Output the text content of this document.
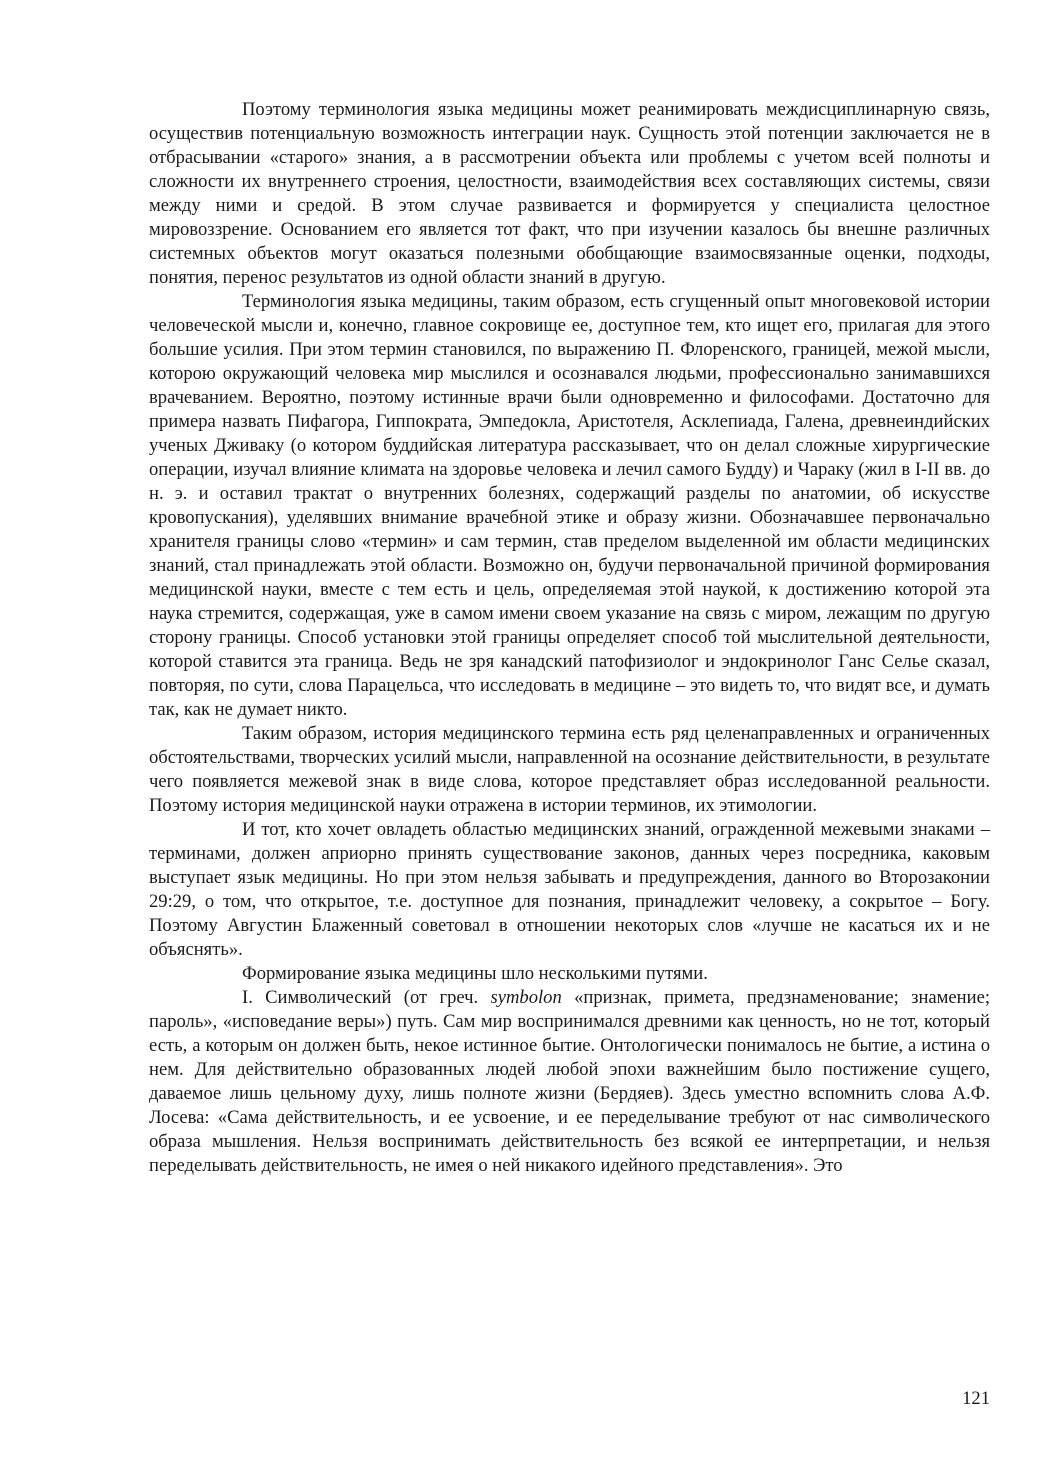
Поэтому терминология языка медицины может реанимировать междисциплинарную связь, осуществив потенциальную возможность интеграции наук. Сущность этой потенции заключается не в отбрасывании «старого» знания, а в рассмотрении объекта или проблемы с учетом всей полноты и сложности их внутреннего строения, целостности, взаимодействия всех составляющих системы, связи между ними и средой. В этом случае развивается и формируется у специалиста целостное мировоззрение. Основанием его является тот факт, что при изучении казалось бы внешне различных системных объектов могут оказаться полезными обобщающие взаимосвязанные оценки, подходы, понятия, перенос результатов из одной области знаний в другую.

Терминология языка медицины, таким образом, есть сгущенный опыт многовековой истории человеческой мысли и, конечно, главное сокровище ее, доступное тем, кто ищет его, прилагая для этого большие усилия. При этом термин становился, по выражению П. Флоренского, границей, межой мысли, которою окружающий человека мир мыслился и осознавался людьми, профессионально занимавшихся врачеванием. Вероятно, поэтому истинные врачи были одновременно и философами. Достаточно для примера назвать Пифагора, Гиппократа, Эмпедокла, Аристотеля, Асклепиада, Галена, древнеиндийских ученых Дживаку (о котором буддийская литература рассказывает, что он делал сложные хирургические операции, изучал влияние климата на здоровье человека и лечил самого Будду) и Чараку (жил в I-II вв. до н. э. и оставил трактат о внутренних болезнях, содержащий разделы по анатомии, об искусстве кровопускания), уделявших внимание врачебной этике и образу жизни. Обозначавшее первоначально хранителя границы слово «термин» и сам термин, став пределом выделенной им области медицинских знаний, стал принадлежать этой области. Возможно он, будучи первоначальной причиной формирования медицинской науки, вместе с тем есть и цель, определяемая этой наукой, к достижению которой эта наука стремится, содержащая, уже в самом имени своем указание на связь с миром, лежащим по другую сторону границы. Способ установки этой границы определяет способ той мыслительной деятельности, которой ставится эта граница. Ведь не зря канадский патофизиолог и эндокринолог Ганс Селье сказал, повторяя, по сути, слова Парацельса, что исследовать в медицине – это видеть то, что видят все, и думать так, как не думает никто.

Таким образом, история медицинского термина есть ряд целенаправленных и ограниченных обстоятельствами, творческих усилий мысли, направленной на осознание действительности, в результате чего появляется межевой знак в виде слова, которое представляет образ исследованной реальности. Поэтому история медицинской науки отражена в истории терминов, их этимологии.

И тот, кто хочет овладеть областью медицинских знаний, огражденной межевыми знаками – терминами, должен априорно принять существование законов, данных через посредника, каковым выступает язык медицины. Но при этом нельзя забывать и предупреждения, данного во Второзаконии 29:29, о том, что открытое, т.е. доступное для познания, принадлежит человеку, а сокрытое – Богу. Поэтому Августин Блаженный советовал в отношении некоторых слов «лучше не касаться их и не объяснять».

Формирование языка медицины шло несколькими путями.

I. Символический (от греч. symbolon «признак, примета, предзнаменование; знамение; пароль», «исповедание веры») путь. Сам мир воспринимался древними как ценность, но не тот, который есть, а которым он должен быть, некое истинное бытие. Онтологически понималось не бытие, а истина о нем. Для действительно образованных людей любой эпохи важнейшим было постижение сущего, даваемое лишь цельному духу, лишь полноте жизни (Бердяев). Здесь уместно вспомнить слова А.Ф. Лосева: «Сама действительность, и ее усвоение, и ее переделывание требуют от нас символического образа мышления. Нельзя воспринимать действительность без всякой ее интерпретации, и нельзя переделывать действительность, не имея о ней никакого идейного представления». Это

121
